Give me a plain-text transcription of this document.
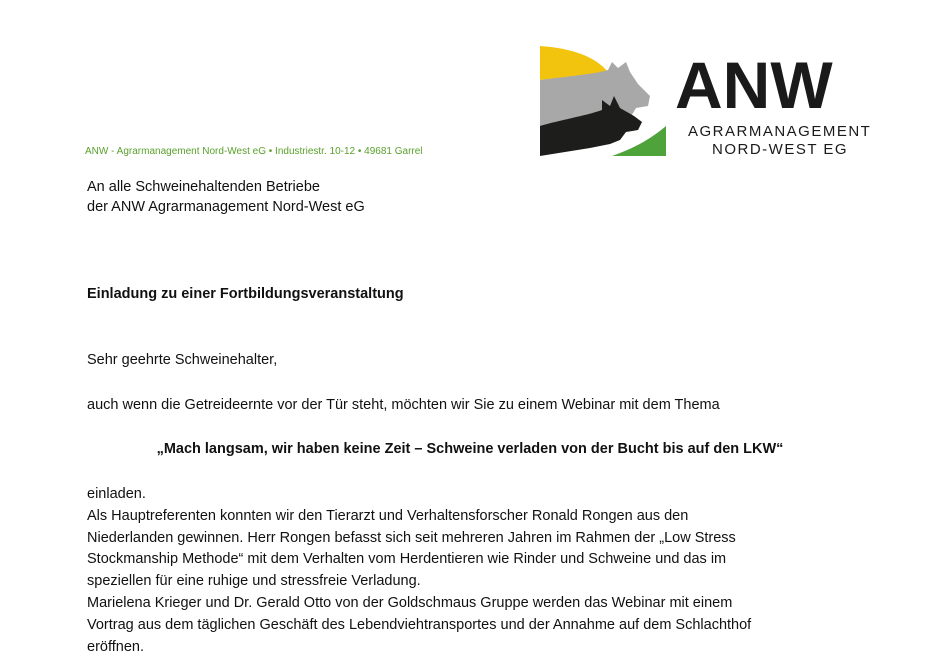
ANW
AGRARMANAGEMENT
NORD-WEST EG
ANW - Agrarmanagement Nord-West eG • Industriestr. 10-12 • 49681 Garrel
An alle Schweinehaltenden Betriebe
der ANW Agrarmanagement Nord-West eG
Einladung zu einer Fortbildungsveranstaltung
Sehr geehrte Schweinehalter,
auch wenn die Getreideernte vor der Tür steht, möchten wir Sie zu einem Webinar mit dem Thema
„Mach langsam, wir haben keine Zeit – Schweine verladen von der Bucht bis auf den LKW“
einladen.
Als Hauptreferenten konnten wir den Tierarzt und Verhaltensforscher Ronald Rongen aus den
Niederlanden gewinnen. Herr Rongen befasst sich seit mehreren Jahren im Rahmen der „Low Stress
Stockmanship Methode“ mit dem Verhalten vom Herdentieren wie Rinder und Schweine und das im
speziellen für eine ruhige und stressfreie Verladung.
Marielena Krieger und Dr. Gerald Otto von der Goldschmaus Gruppe werden das Webinar mit einem
Vortrag aus dem täglichen Geschäft des Lebendviehtransportes und der Annahme auf dem Schlachthof
eröffnen.
